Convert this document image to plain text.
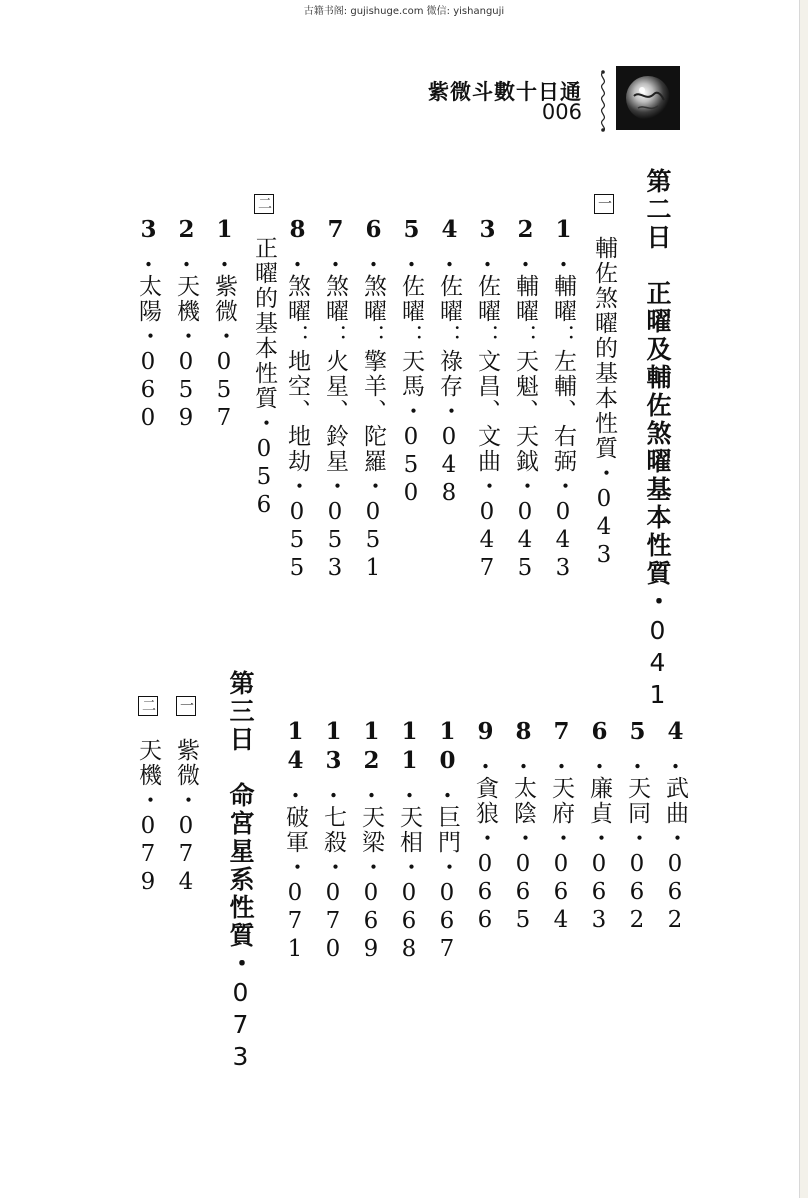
古籍书阁: gujishuge.com 微信: yishanguji
紫微斗數十日通
006
第二日　正曜及輔佐煞曜基本性質・041
一輔佐煞曜的基本性質・043
1.輔曜：左輔、右弼・043
2.輔曜：天魁、天鉞・045
3.佐曜：文昌、文曲・047
4.佐曜：祿存・048
5.佐曜：天馬・050
6.煞曜：擎羊、陀羅・051
7.煞曜：火星、鈴星・053
8.煞曜：地空、地劫・055
二正曜的基本性質・056
1.紫微・057
2.天機・059
3.太陽・060
4.武曲・062
5.天同・062
6.廉貞・063
7.天府・064
8.太陰・065
9.貪狼・066
10.巨門・067
11.天相・068
12.天梁・069
13.七殺・070
14.破軍・071
第三日　命宮星系性質・073
一紫微・074
二天機・079
